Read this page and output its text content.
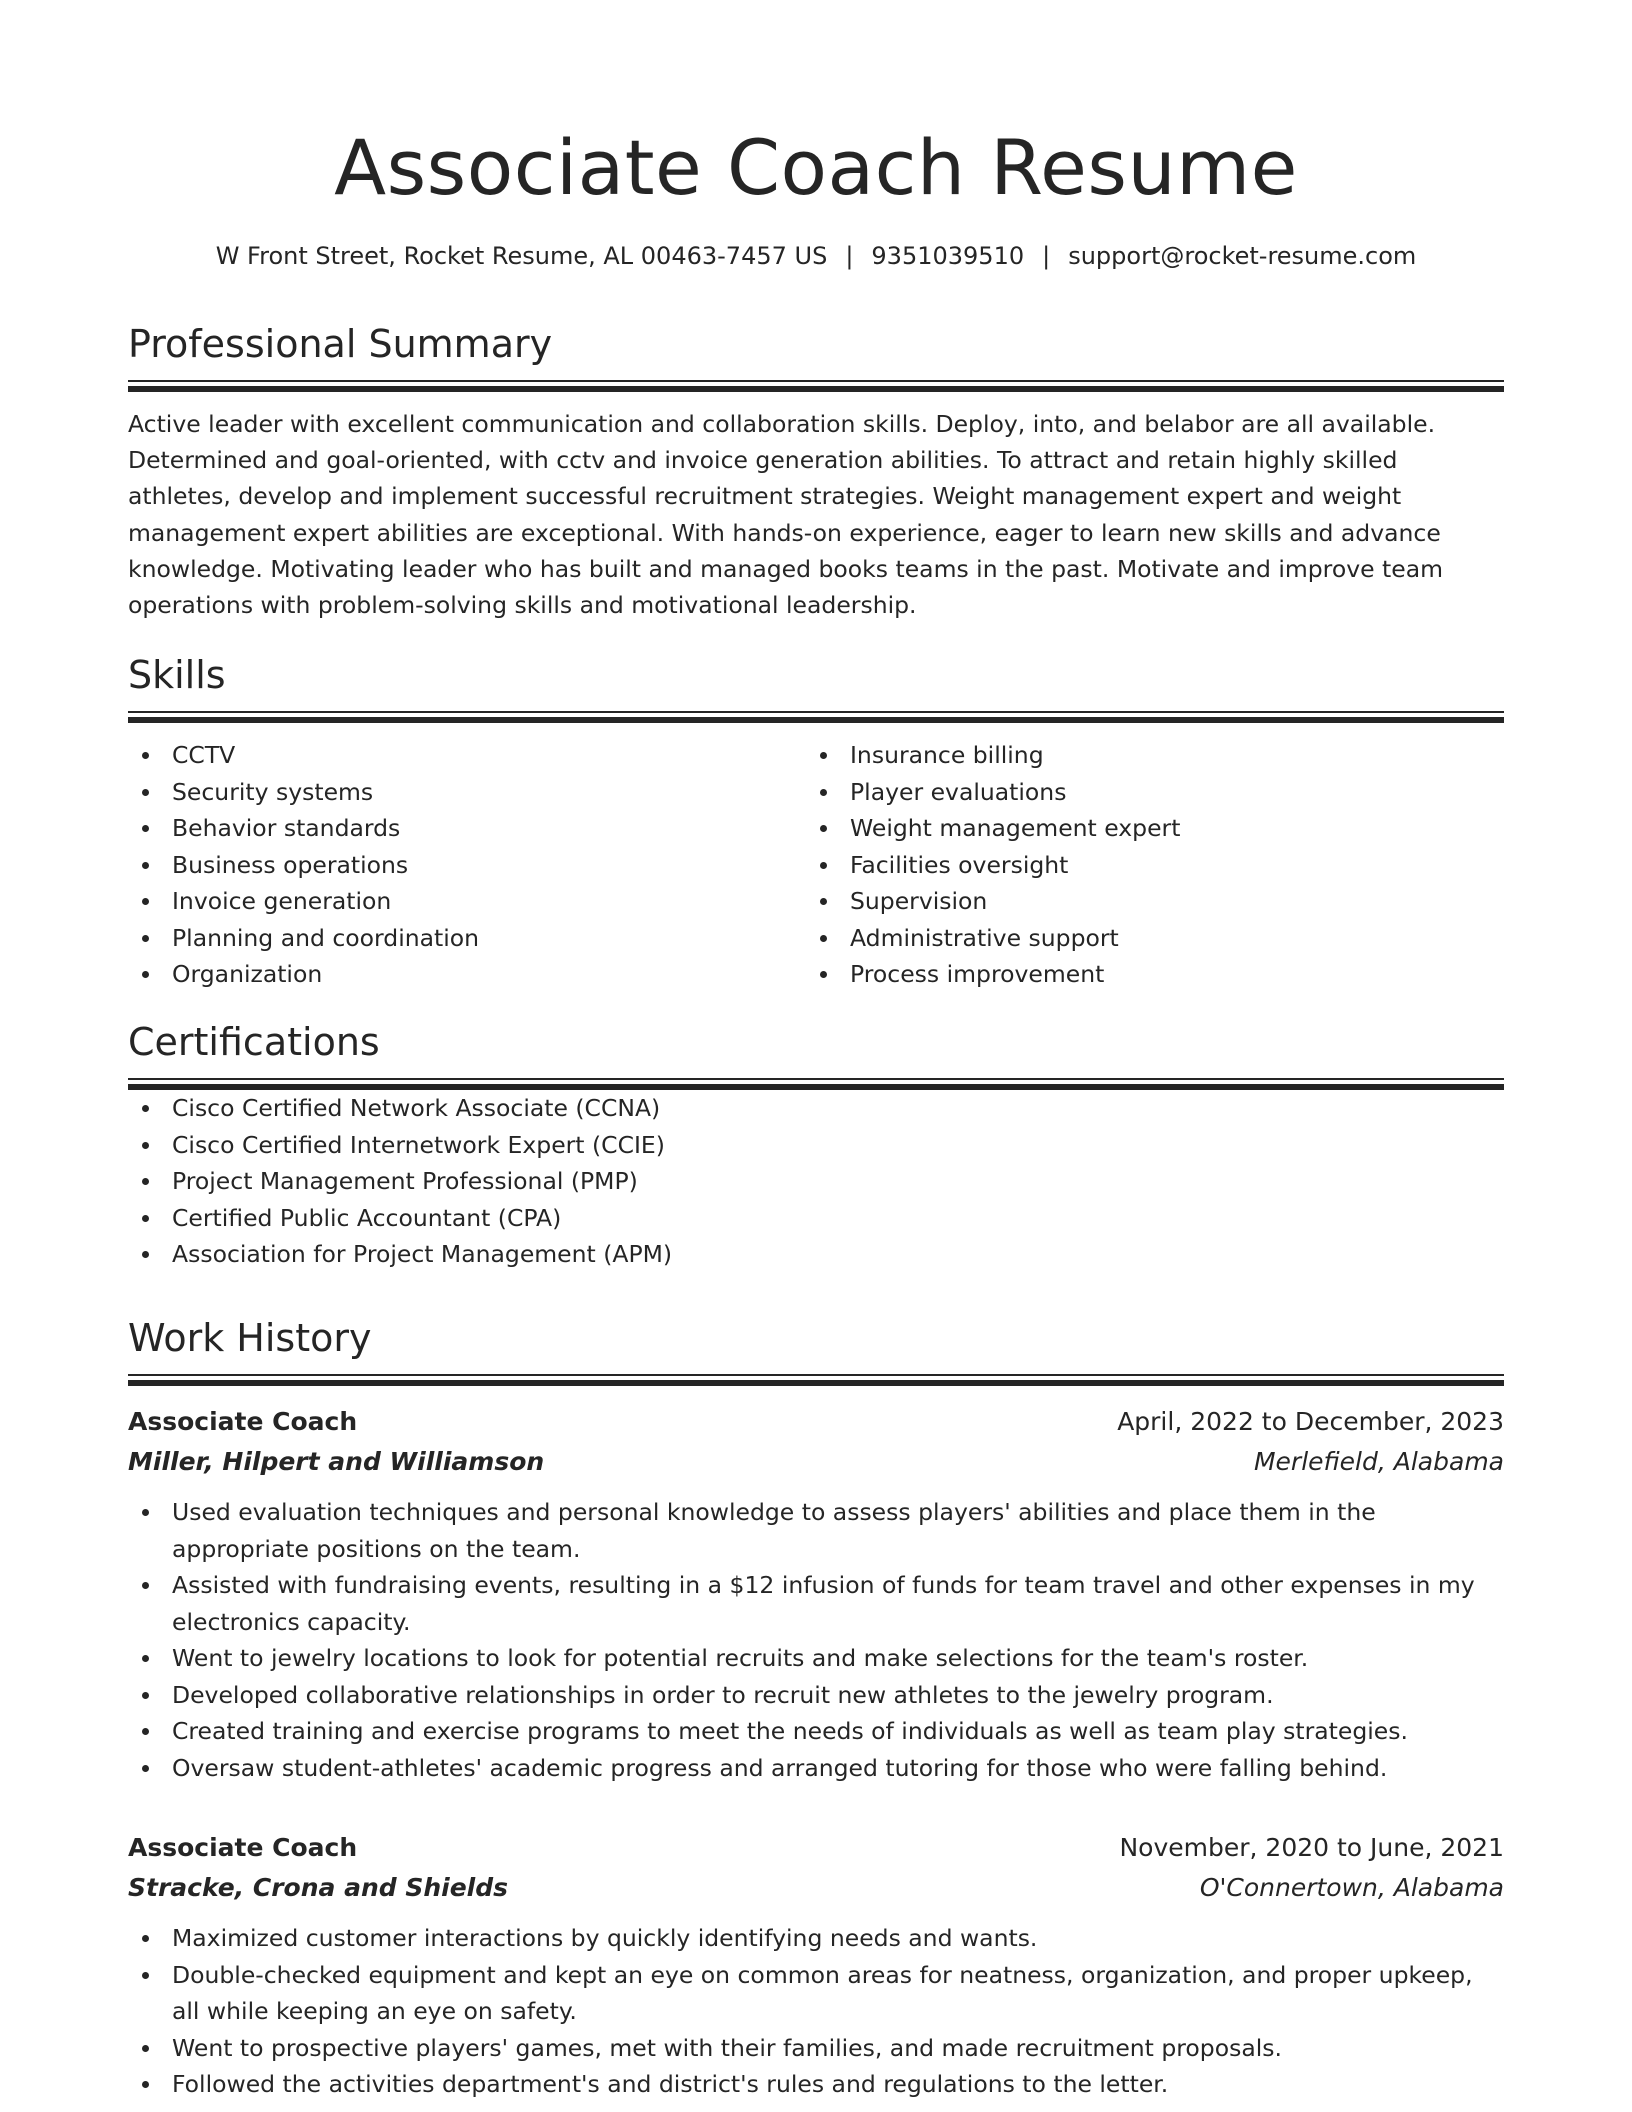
Associate Coach Resume
W Front Street, Rocket Resume, AL 00463-7457 US | 9351039510 | support@rocket-resume.com
Professional Summary

Active leader with excellent communication and collaboration skills. Deploy, into, and belabor are all available. Determined and goal-oriented, with cctv and invoice generation abilities. To attract and retain highly skilled athletes, develop and implement successful recruitment strategies. Weight management expert and weight management expert abilities are exceptional. With hands-on experience, eager to learn new skills and advance knowledge. Motivating leader who has built and managed books teams in the past. Motivate and improve team operations with problem-solving skills and motivational leadership.

Skills
CCTV
Security systems
Behavior standards
Business operations
Invoice generation
Planning and coordination
Organization
Insurance billing
Player evaluations
Weight management expert
Facilities oversight
Supervision
Administrative support
Process improvement
Certifications
Cisco Certified Network Associate (CCNA)
Cisco Certified Internetwork Expert (CCIE)
Project Management Professional (PMP)
Certified Public Accountant (CPA)
Association for Project Management (APM)
Work History
Associate Coach	April, 2022 to December, 2023
Miller, Hilpert and Williamson	Merlefield, Alabama
Used evaluation techniques and personal knowledge to assess players' abilities and place them in the appropriate positions on the team.
Assisted with fundraising events, resulting in a $12 infusion of funds for team travel and other expenses in my electronics capacity.
Went to jewelry locations to look for potential recruits and make selections for the team's roster.
Developed collaborative relationships in order to recruit new athletes to the jewelry program.
Created training and exercise programs to meet the needs of individuals as well as team play strategies.
Oversaw student-athletes' academic progress and arranged tutoring for those who were falling behind.
Associate Coach	November, 2020 to June, 2021
Stracke, Crona and Shields	O'Connertown, Alabama
Maximized customer interactions by quickly identifying needs and wants.
Double-checked equipment and kept an eye on common areas for neatness, organization, and proper upkeep, all while keeping an eye on safety.
Went to prospective players' games, met with their families, and made recruitment proposals.
Followed the activities department's and district's rules and regulations to the letter.
